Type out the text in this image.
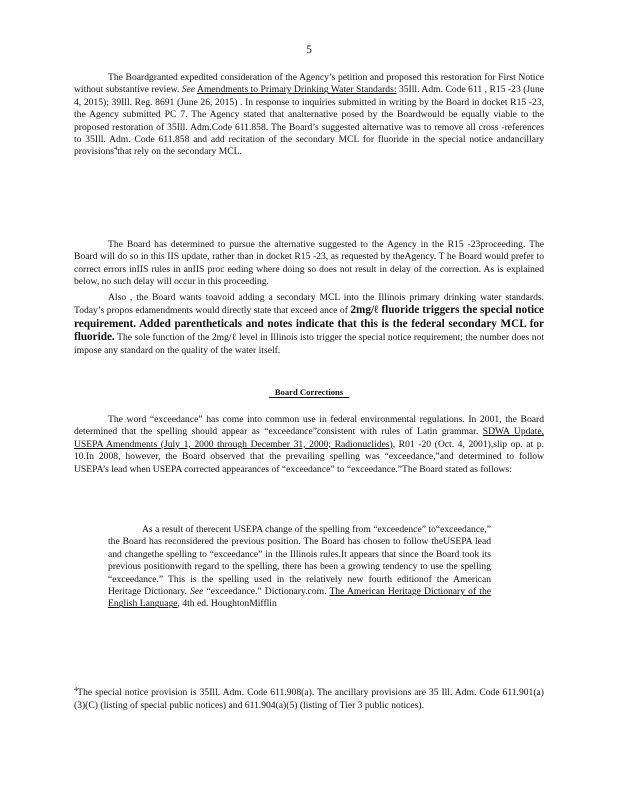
5

The Boardgranted expedited consideration of the Agency’s petition and proposed this restoration for First Notice without substantive review. See Amendments to Primary Drinking Water Standards: 35Ill. Adm. Code 611 , R15 -23 (June 4, 2015); 39Ill. Reg. 8691 (June 26, 2015) . In response to inquiries submitted in writing by the Board in docket R15 -23, the Agency submitted PC 7. The Agency stated that analternative posed by the Boardwould be equally viable to the proposed restoration of 35Ill. Adm.Code 611.858. The Board’s suggested alternative was to remove all cross -references to 35Ill. Adm. Code 611.858 and add recitation of the secondary MCL for fluoride in the special notice andancillary provisions$^4$that rely on the secondary MCL.

The Board has determined to pursue the alternative suggested to the Agency in the R15 -23proceeding. The Board will do so in this IIS update, rather than in docket R15 -23, as requested by theAgency. T he Board would prefer to correct errors inIIS rules in anIIS proc eeding where doing so does not result in delay of the correction. As is explained below, no such delay will occur in this proceeding.

Also , the Board wants toavoid adding a secondary MCL into the Illinois primary drinking water standards. Today’s propos edamendments would directly state that exceed ance of 2mg/ℓ fluoride triggers the special notice requirement. Added parentheticals and notes indicate that this is the federal secondary MCL for fluoride. The sole function of the 2mg/ℓ level in Illinois isto trigger the special notice requirement; the number does not impose any standard on the quality of the water itself.

Board Corrections

The word “exceedance” has come into common use in federal environmental regulations. In 2001, the Board determined that the spelling should appear as “exceedance”consistent with rules of Latin grammar. SDWA Update, USEPA Amendments (July 1, 2000 through December 31, 2000; Radionuclides), R01 -20 (Oct. 4, 2001),slip op. at p. 10.In 2008, however, the Board observed that the prevailing spelling was “exceedance,”and determined to follow USEPA’s lead when USEPA corrected appearances of “exceedance” to “exceedance.”The Board stated as follows:

As a result of therecent USEPA change of the spelling from “exceedence” to“exceedance,” the Board has reconsidered the previous position. The Board has chosen to follow theUSEPA lead and changethe spelling to “exceedance” in the Illinois rules.It appears that since the Board took its previous positionwith regard to the spelling, there has been a growing tendency to use the spelling “exceedance.” This is the spelling used in the relatively new fourth editionof the American Heritage Dictionary. See “exceedance.” Dictionary.com. The American Heritage Dictionary of the English Language, 4th ed. HoughtonMifflin

$^4$The special notice provision is 35Ill. Adm. Code 611.908(a). The ancillary provisions are 35 Ill. Adm. Code 611.901(a)(3)(C) (listing of special public notices) and 611.904(a)(5) (listing of Tier 3 public notices).
